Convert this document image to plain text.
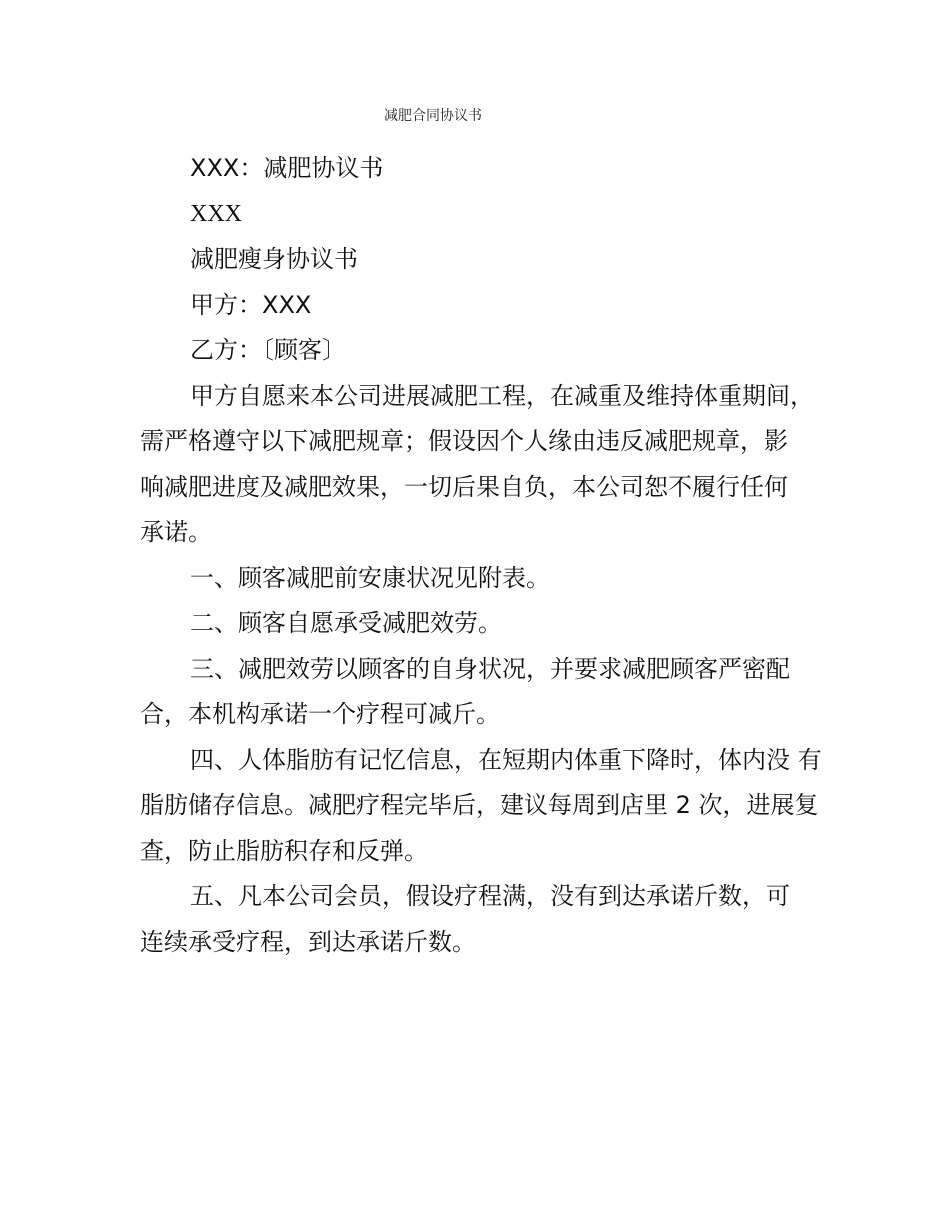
减肥合同协议书

XXX：减肥协议书

XXX

减肥瘦身协议书

甲方：XXX

乙方：〔顾客〕

甲方自愿来本公司进展减肥工程，在减重及维持体重期间，
需严格遵守以下减肥规章；假设因个人缘由违反减肥规章，影
响减肥进度及减肥效果，一切后果自负，本公司恕不履行任何
承诺。

一、顾客减肥前安康状况见附表。

二、顾客自愿承受减肥效劳。

三、减肥效劳以顾客的自身状况，并要求减肥顾客严密配
合，本机构承诺一个疗程可减斤。

四、人体脂肪有记忆信息，在短期内体重下降时，体内没 有
脂肪储存信息。减肥疗程完毕后，建议每周到店里 2 次，进展复
查，防止脂肪积存和反弹。

五、凡本公司会员，假设疗程满，没有到达承诺斤数，可
连续承受疗程，到达承诺斤数。
